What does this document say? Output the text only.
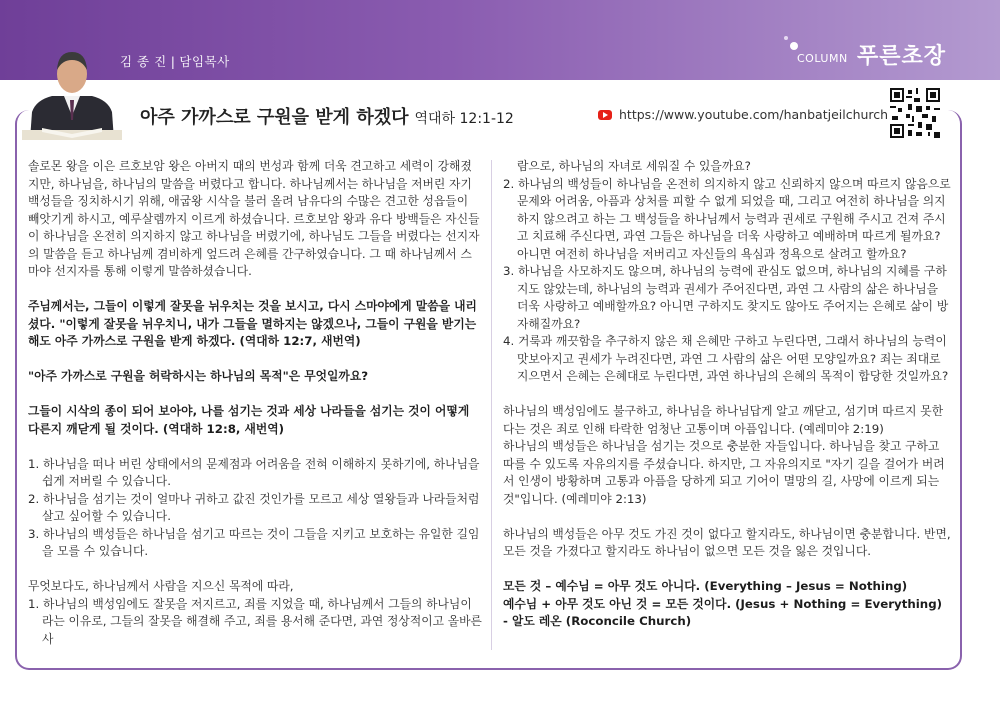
김 종 진 | 담임목사	COLUMN 푸른초장
아주 가까스로 구원을 받게 하겠다 역대하 12:1-12	https://www.youtube.com/hanbatjeilchurch

솔로몬 왕을 이은 르호보암 왕은 아버지 때의 번성과 함께 더욱 견고하고 세력이 강해졌지만, 하나님을, 하나님의 말씀을 버렸다고 합니다. 하나님께서는 하나님을 저버린 자기 백성들을 징치하시기 위해, 애굽왕 시삭을 불러 올려 남유다의 수많은 견고한 성읍들이 빼앗기게 하시고, 예루살렘까지 이르게 하셨습니다. 르호보암 왕과 유다 방백들은 자신들이 하나님을 온전히 의지하지 않고 하나님을 버렸기에, 하나님도 그들을 버렸다는 선지자의 말씀을 듣고 하나님께 겸비하게 엎드려 은혜를 간구하였습니다. 그 때 하나님께서 스마야 선지자를 통해 이렇게 말씀하셨습니다.

주님께서는, 그들이 이렇게 잘못을 뉘우치는 것을 보시고, 다시 스마야에게 말씀을 내리셨다. "이렇게 잘못을 뉘우치니, 내가 그들을 멸하지는 않겠으나, 그들이 구원을 받기는 해도 아주 가까스로 구원을 받게 하겠다. (역대하 12:7, 새번역)

"아주 가까스로 구원을 허락하시는 하나님의 목적"은 무엇일까요?

그들이 시삭의 종이 되어 보아야, 나를 섬기는 것과 세상 나라들을 섬기는 것이 어떻게 다른지 깨닫게 될 것이다. (역대하 12:8, 새번역)

1. 하나님을 떠나 버린 상태에서의 문제점과 어려움을 전혀 이해하지 못하기에, 하나님을 쉽게 저버릴 수 있습니다.

2. 하나님을 섬기는 것이 얼마나 귀하고 값진 것인가를 모르고 세상 열왕들과 나라들처럼 살고 싶어할 수 있습니다.

3. 하나님의 백성들은 하나님을 섬기고 따르는 것이 그들을 지키고 보호하는 유일한 길임을 모를 수 있습니다.

무엇보다도, 하나님께서 사람을 지으신 목적에 따라,

1. 하나님의 백성임에도 잘못을 저지르고, 죄를 지었을 때, 하나님께서 그들의 하나님이라는 이유로, 그들의 잘못을 해결해 주고, 죄를 용서해 준다면, 과연 정상적이고 올바른 사

람으로, 하나님의 자녀로 세워질 수 있을까요?

2. 하나님의 백성들이 하나님을 온전히 의지하지 않고 신뢰하지 않으며 따르지 않음으로 문제와 어려움, 아픔과 상처를 피할 수 없게 되었을 때, 그리고 여전히 하나님을 의지하지 않으려고 하는 그 백성들을 하나님께서 능력과 권세로 구원해 주시고 건져 주시고 치료해 주신다면, 과연 그들은 하나님을 더욱 사랑하고 예배하며 따르게 될까요? 아니면 여전히 하나님을 저버리고 자신들의 욕심과 정욕으로 살려고 할까요?

3. 하나님을 사모하지도 않으며, 하나님의 능력에 관심도 없으며, 하나님의 지혜를 구하지도 않았는데, 하나님의 능력과 권세가 주어진다면, 과연 그 사람의 삶은 하나님을 더욱 사랑하고 예배할까요? 아니면 구하지도 찾지도 않아도 주어지는 은혜로 삶이 방자해질까요?

4. 거룩과 깨끗함을 추구하지 않은 채 은혜만 구하고 누린다면, 그래서 하나님의 능력이 맛보아지고 권세가 누려진다면, 과연 그 사람의 삶은 어떤 모양일까요? 죄는 죄대로 지으면서 은혜는 은혜대로 누린다면, 과연 하나님의 은혜의 목적이 합당한 것일까요?

하나님의 백성임에도 불구하고, 하나님을 하나님답게 알고 깨닫고, 섬기며 따르지 못한다는 것은 죄로 인해 타락한 엄청난 고통이며 아픔입니다. (예레미야 2:19)

하나님의 백성들은 하나님을 섬기는 것으로 충분한 자들입니다. 하나님을 찾고 구하고 따를 수 있도록 자유의지를 주셨습니다. 하지만, 그 자유의지로 "자기 길을 걸어가 버려서 인생이 방황하며 고통과 아픔을 당하게 되고 기어이 멸망의 길, 사망에 이르게 되는 것"입니다. (예레미야 2:13)

하나님의 백성들은 아무 것도 가진 것이 없다고 할지라도, 하나님이면 충분합니다. 반면, 모든 것을 가졌다고 할지라도 하나님이 없으면 모든 것을 잃은 것입니다.

모든 것 – 예수님 = 아무 것도 아니다. (Everything – Jesus = Nothing)

예수님 + 아무 것도 아닌 것 = 모든 것이다. (Jesus + Nothing = Everything)

- 알도 레온 (Roconcile Church)
